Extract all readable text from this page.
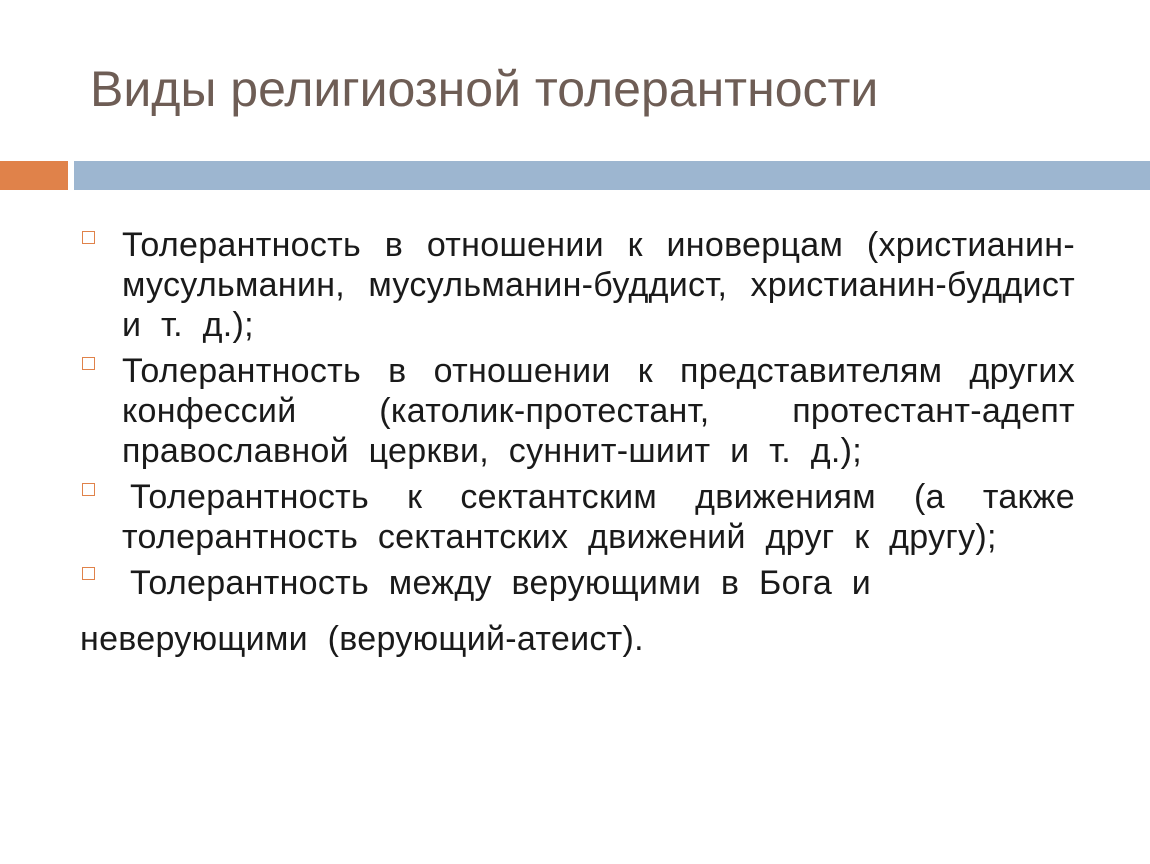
Виды религиозной толерантности
Толерантность в отношении к иноверцам (христианин-мусульманин, мусульманин-буддист, христианин-буддист и т. д.);
Толерантность в отношении к представителям других конфессий (католик-протестант, протестант-адепт православной церкви, суннит-шиит и т. д.);
Толерантность к сектантским движениям (а также толерантность сектантских движений друг к другу);
Толерантность между верующими в Бога и
неверующими (верующий-атеист).
